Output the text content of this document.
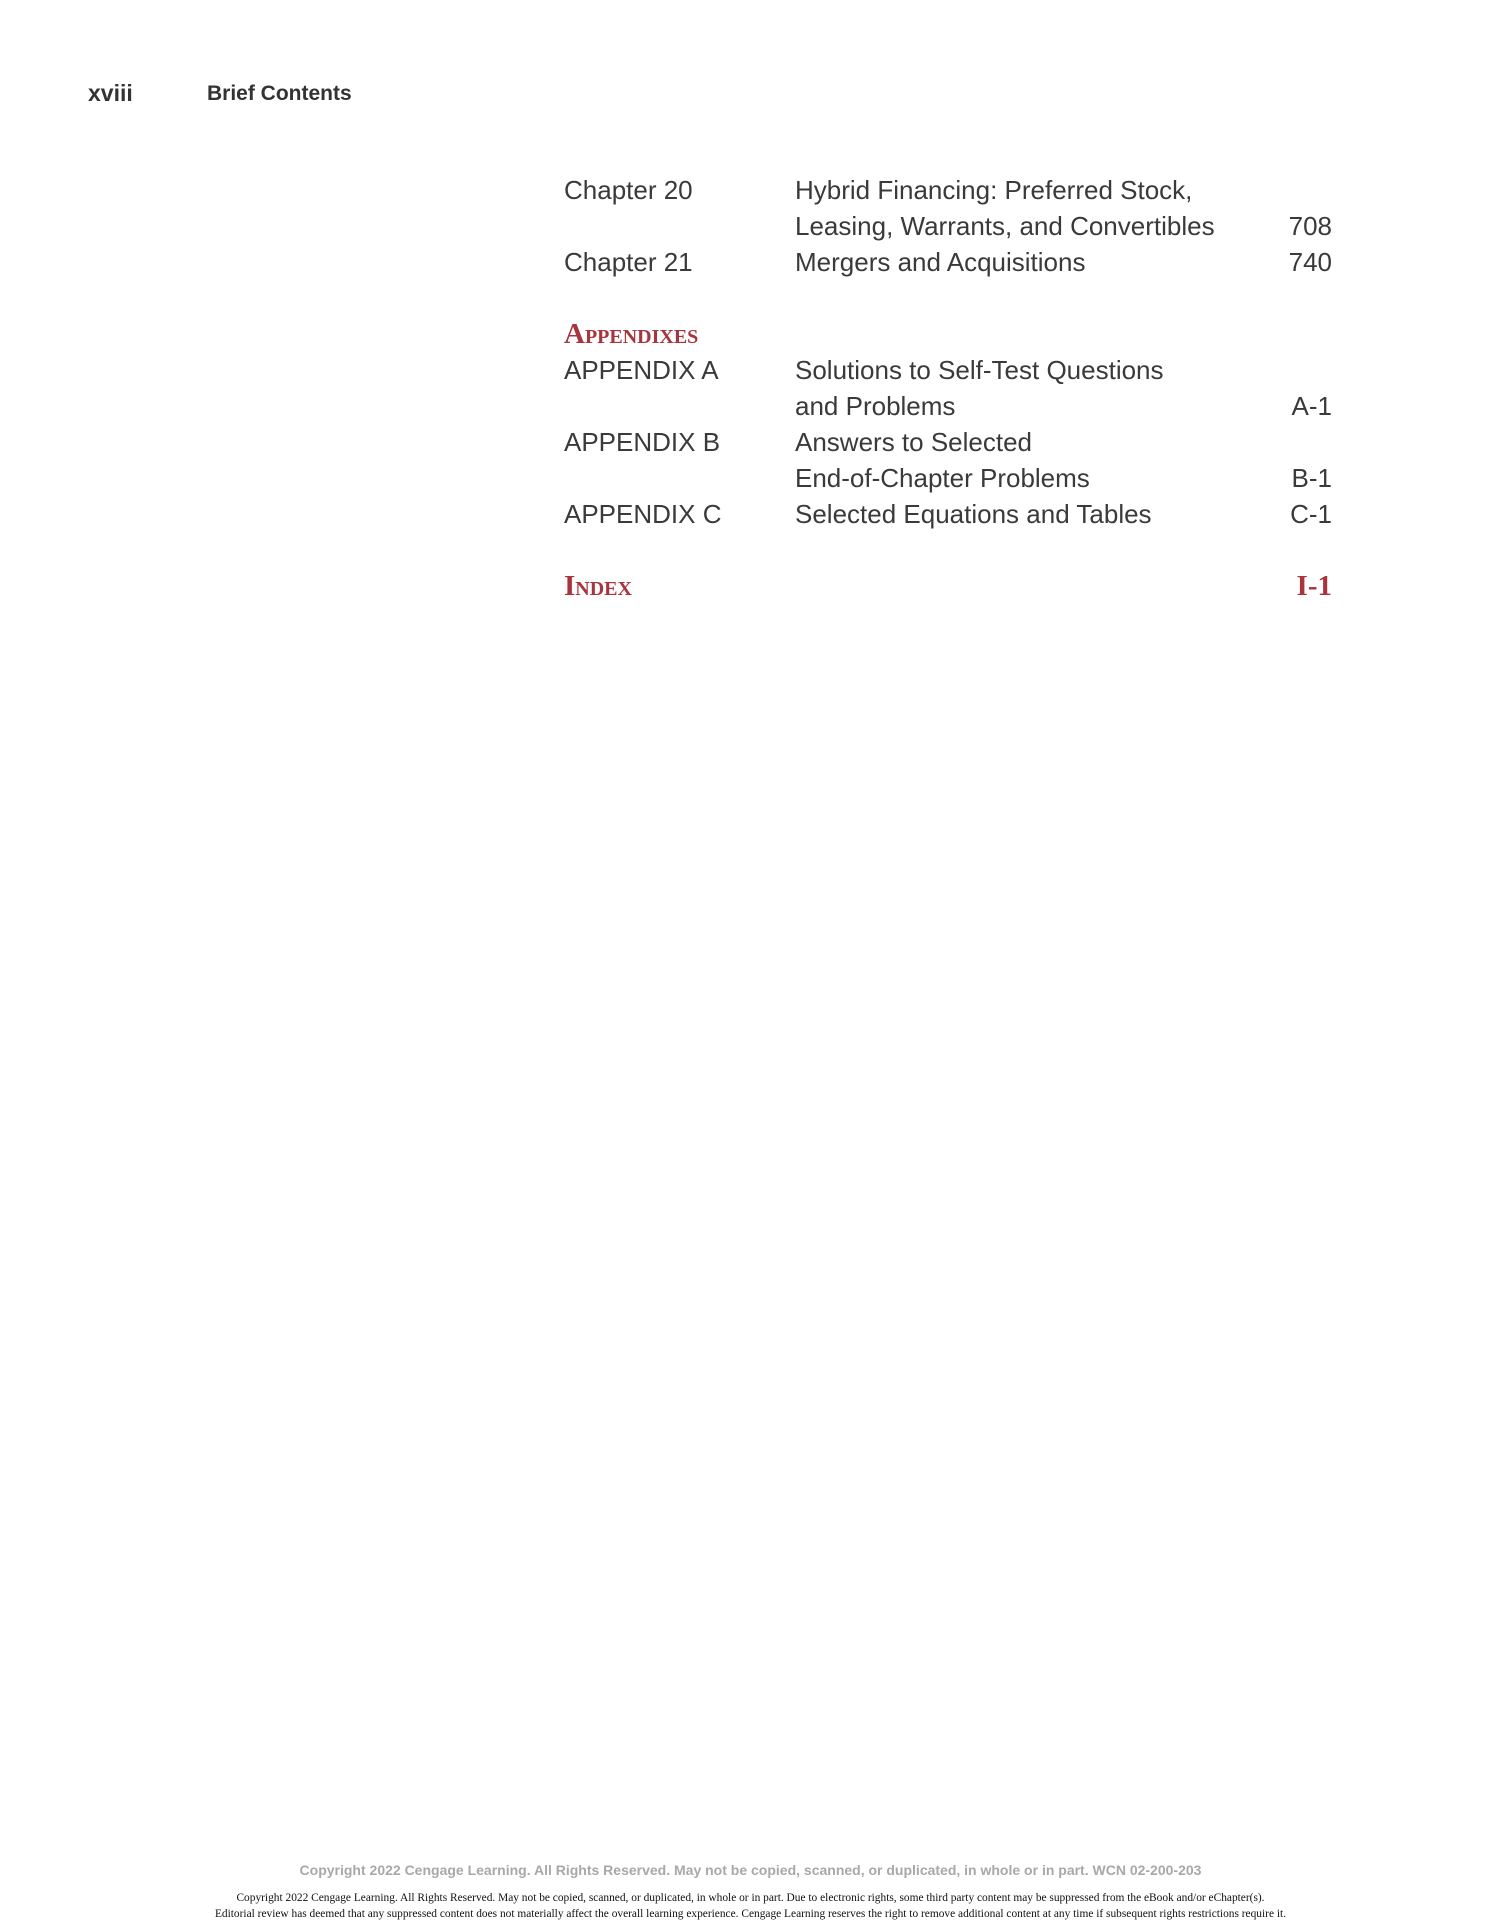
xviii	Brief Contents
Chapter 20	Hybrid Financing: Preferred Stock,
Leasing, Warrants, and Convertibles	708
Chapter 21	Mergers and Acquisitions	740
Appendixes
APPENDIX A	Solutions to Self-Test Questions
and Problems	A-1
APPENDIX B	Answers to Selected
End-of-Chapter Problems	B-1
APPENDIX C	Selected Equations and Tables	C-1
Index	I-1
Copyright 2022 Cengage Learning. All Rights Reserved. May not be copied, scanned, or duplicated, in whole or in part. WCN 02-200-203
Copyright 2022 Cengage Learning. All Rights Reserved. May not be copied, scanned, or duplicated, in whole or in part. Due to electronic rights, some third party content may be suppressed from the eBook and/or eChapter(s).
Editorial review has deemed that any suppressed content does not materially affect the overall learning experience. Cengage Learning reserves the right to remove additional content at any time if subsequent rights restrictions require it.
